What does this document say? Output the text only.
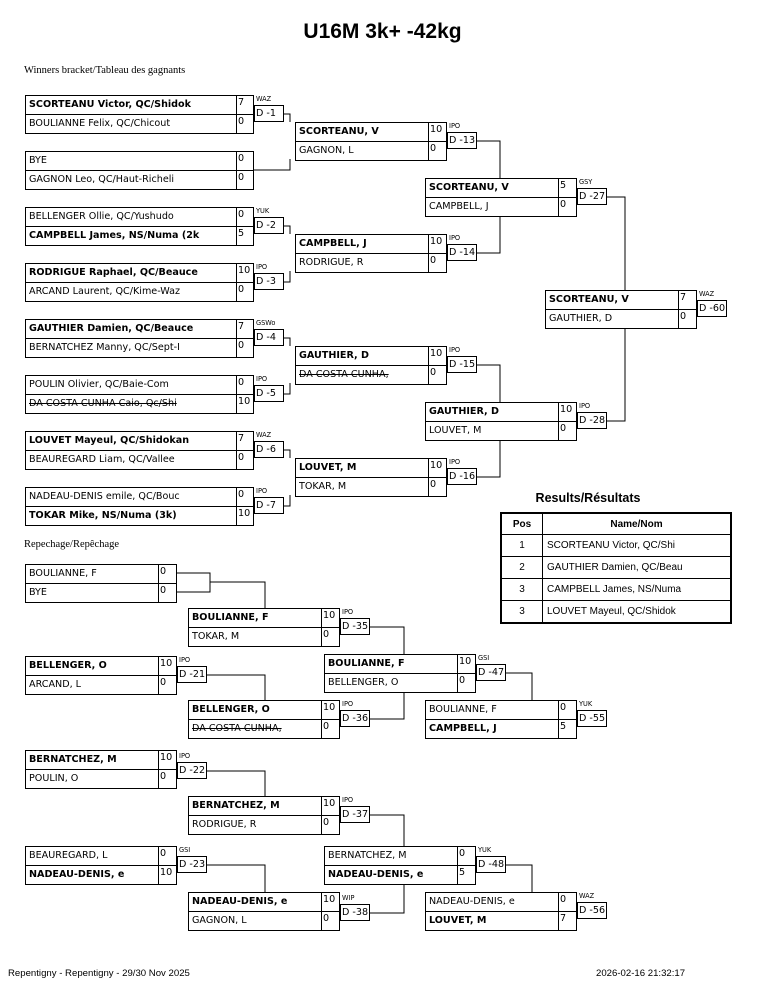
U16M 3k+ -42kg
Winners bracket/Tableau des gagnants
Repechage/Repêchage
SCORTEANU Victor, QC/Shidok	7
BOULIANNE Felix, QC/Chicout	0
BYE	0
GAGNON Leo, QC/Haut-Richeli	0
BELLENGER Ollie, QC/Yushudo	0
CAMPBELL James, NS/Numa (2k	5
RODRIGUE Raphael, QC/Beauce	10
ARCAND Laurent, QC/Kime-Waz	0
GAUTHIER Damien, QC/Beauce	7
BERNATCHEZ Manny, QC/Sept-I	0
POULIN Olivier, QC/Baie-Com	0
DA COSTA CUNHA Caio, Qc/Shi	10
LOUVET Mayeul, QC/Shidokan	7
BEAUREGARD Liam, QC/Vallee	0
NADEAU-DENIS emile, QC/Bouc	0
TOKAR Mike, NS/Numa (3k)	10
SCORTEANU, V	10
GAGNON, L	0
CAMPBELL, J	10
RODRIGUE, R	0
GAUTHIER, D	10
DA COSTA CUNHA,	0
LOUVET, M	10
TOKAR, M	0
SCORTEANU, V	5
CAMPBELL, J	0
GAUTHIER, D	10
LOUVET, M	0
SCORTEANU, V	7
GAUTHIER, D	0
BOULIANNE, F	0
BYE	0
BELLENGER, O	10
ARCAND, L	0
BOULIANNE, F	10
TOKAR, M	0
BELLENGER, O	10
DA COSTA CUNHA,	0
BOULIANNE, F	10
BELLENGER, O	0
BOULIANNE, F	0
CAMPBELL, J	5
BERNATCHEZ, M	10
POULIN, O	0
BERNATCHEZ, M	10
RODRIGUE, R	0
BEAUREGARD, L	0
NADEAU-DENIS, e	10
BERNATCHEZ, M	0
NADEAU-DENIS, e	5
NADEAU-DENIS, e	10
GAGNON, L	0
NADEAU-DENIS, e	0
LOUVET, M	7
D -1
WAZ
D -2
YUK
D -3
IPO
D -4
GSWo
D -5
IPO
D -6
WAZ
D -7
IPO
D -13
IPO
D -14
IPO
D -15
IPO
D -16
IPO
D -27
GSY
D -28
IPO
D -60
WAZ
D -35
IPO
D -21
IPO
D -36
IPO
D -47
GSI
D -55
YUK
D -22
IPO
D -37
IPO
D -23
GSI
D -48
YUK
D -38
WIP
D -56
WAZ
Results/Résultats
Pos	Name/Nom
1	SCORTEANU Victor, QC/Shi
2	GAUTHIER Damien, QC/Beau
3	CAMPBELL James, NS/Numa
3	LOUVET Mayeul, QC/Shidok
Repentigny - Repentigny - 29/30 Nov 2025	2026-02-16 21:32:17
